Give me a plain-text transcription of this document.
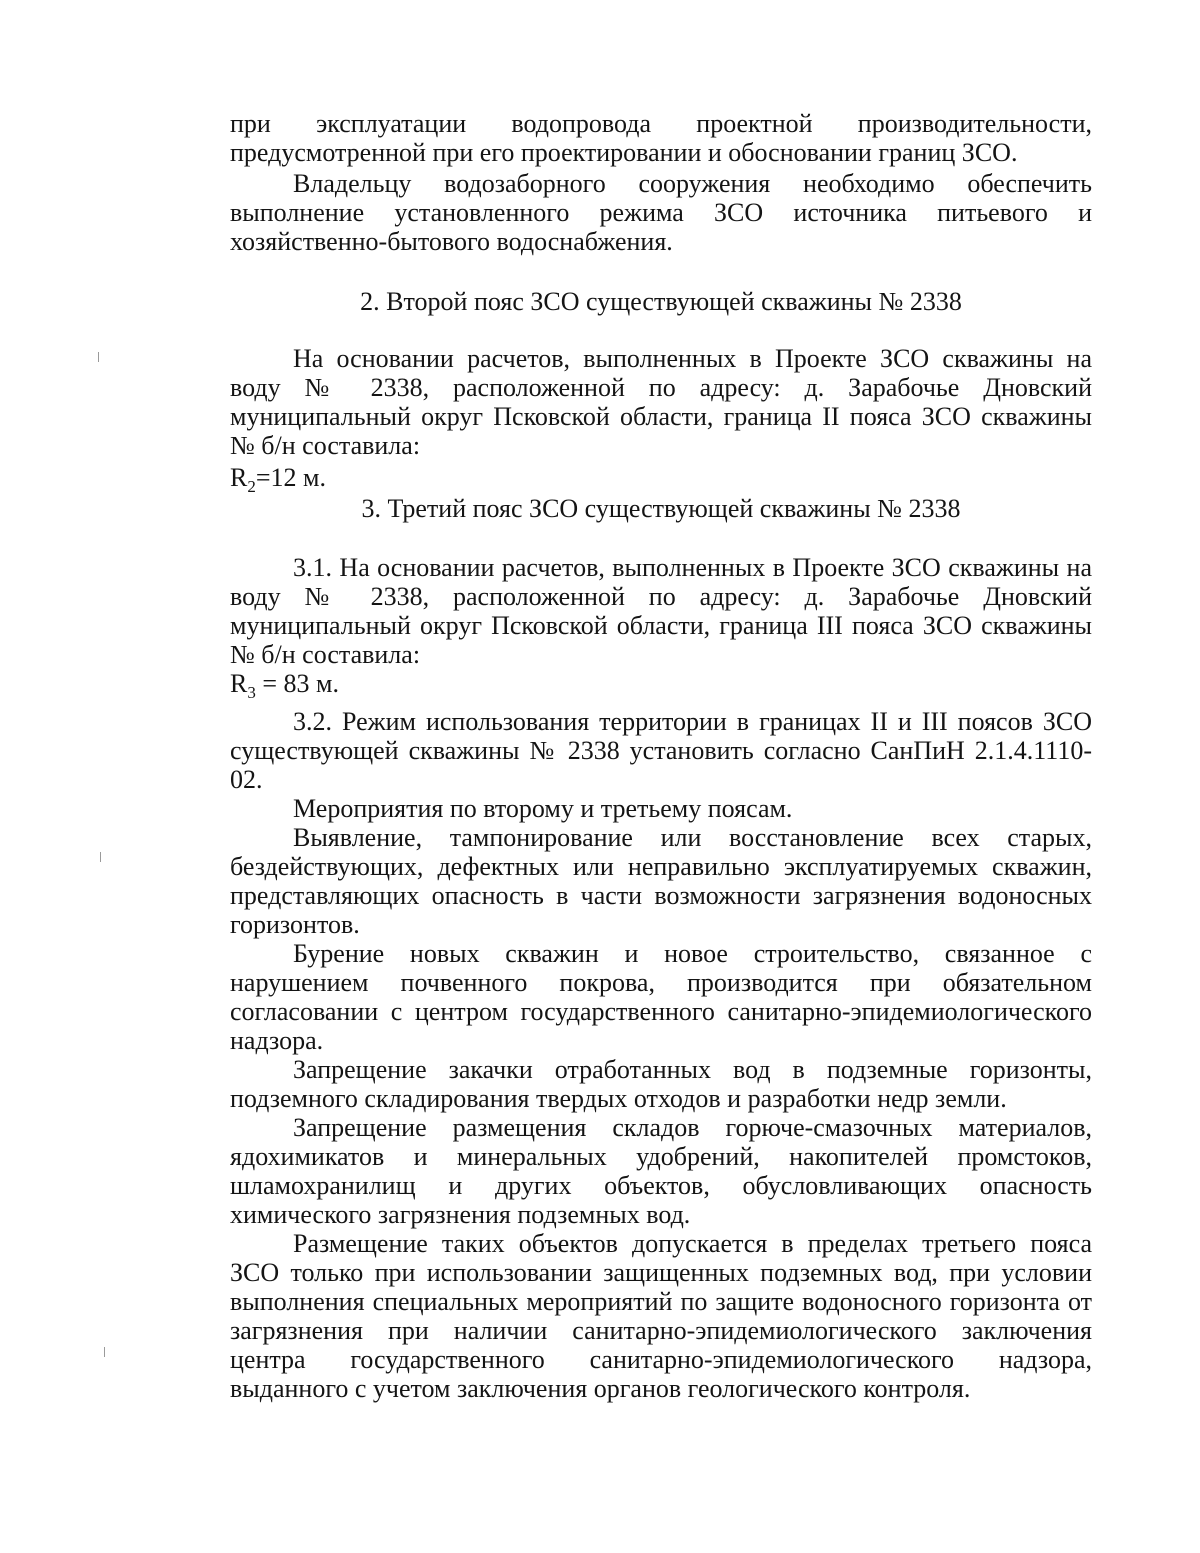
при эксплуатации водопровода проектной производительности, предусмотренной при его проектировании и обосновании границ ЗСО.

Владельцу водозаборного сооружения необходимо обеспечить выполнение установленного режима ЗСО источника питьевого и хозяйственно-бытового водоснабжения.

2. Второй пояс ЗСО существующей скважины № 2338

На основании расчетов, выполненных в Проекте ЗСО скважины на воду № 2338, расположенной по адресу: д. Зарабочье Дновский муниципальный округ Псковской области, граница II пояса ЗСО скважины № б/н составила:

$R_2=12$ м.

3. Третий пояс ЗСО существующей скважины № 2338

3.1. На основании расчетов, выполненных в Проекте ЗСО скважины на воду № 2338, расположенной по адресу: д. Зарабочье Дновский муниципальный округ Псковской области, граница III пояса ЗСО скважины № б/н составила:

$R_3 = 83$ м.

3.2. Режим использования территории в границах II и III поясов ЗСО существующей скважины № 2338 установить согласно СанПиН 2.1.4.1110-02.

Мероприятия по второму и третьему поясам.

Выявление, тампонирование или восстановление всех старых, бездействующих, дефектных или неправильно эксплуатируемых скважин, представляющих опасность в части возможности загрязнения водоносных горизонтов.

Бурение новых скважин и новое строительство, связанное с нарушением почвенного покрова, производится при обязательном согласовании с центром государственного санитарно-эпидемиологического надзора.

Запрещение закачки отработанных вод в подземные горизонты, подземного складирования твердых отходов и разработки недр земли.

Запрещение размещения складов горюче-смазочных материалов, ядохимикатов и минеральных удобрений, накопителей промстоков, шламохранилищ и других объектов, обусловливающих опасность химического загрязнения подземных вод.

Размещение таких объектов допускается в пределах третьего пояса ЗСО только при использовании защищенных подземных вод, при условии выполнения специальных мероприятий по защите водоносного горизонта от загрязнения при наличии санитарно-эпидемиологического заключения центра государственного санитарно-эпидемиологического надзора, выданного с учетом заключения органов геологического контроля.
